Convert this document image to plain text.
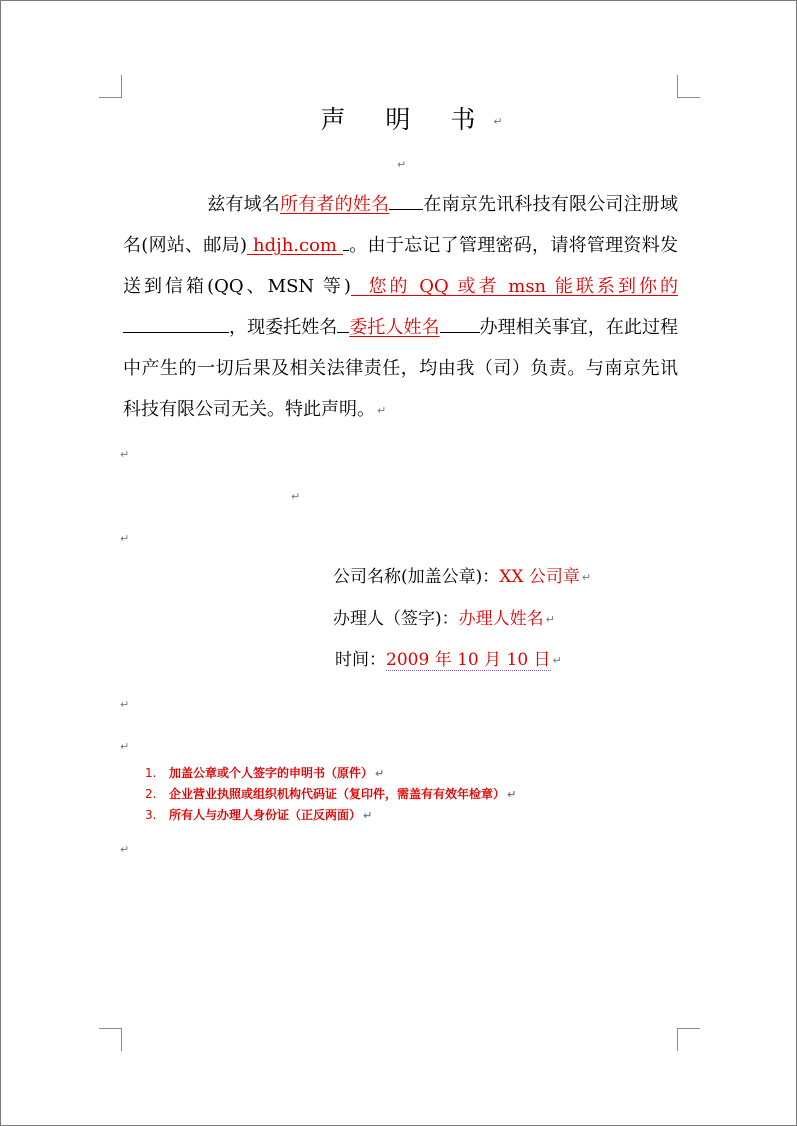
声 明 书 ↵
↵

兹有域名所有者的姓名 在南京先讯科技有限公司注册域名(网站、邮局) hdjh.com 。由于忘记了管理密码，请将管理资料发送到信箱(QQ、MSN 等) 您的 QQ 或者 msn 能联系到你的，现委托姓名 委托人姓名 办理相关事宜，在此过程中产生的一切后果及相关法律责任，均由我（司）负责。与南京先讯科技有限公司无关。特此声明。 ↵

↵
↵
↵
公司名称(加盖公章)：XX 公司章 ↵
办理人（签字)：办理人姓名 ↵
时间：2009 年 10 月 10 日 ↵
↵
↵
1. 加盖公章或个人签字的申明书（原件） ↵
2. 企业营业执照或组织机构代码证（复印件，需盖有有效年检章） ↵
3. 所有人与办理人身份证（正反两面） ↵
↵
